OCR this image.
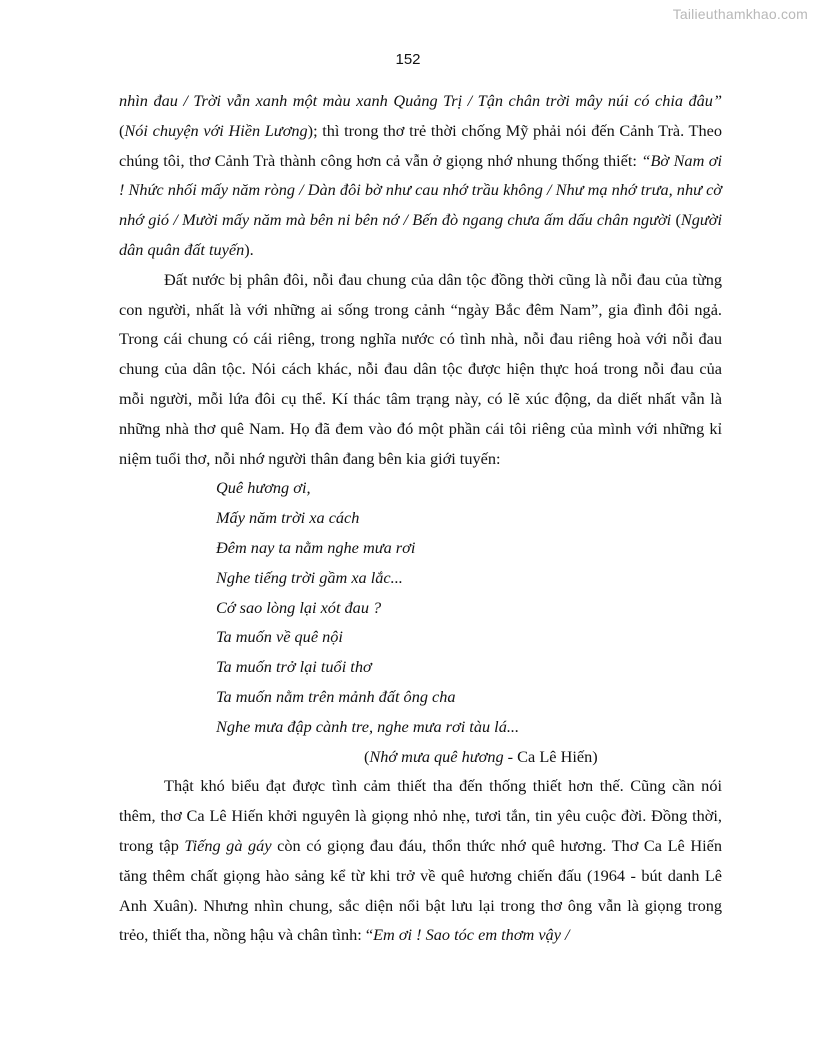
Tailieuthamkhao.com
152

nhìn đau / Trời vẫn xanh một màu xanh Quảng Trị / Tận chân trời mây núi có chia đâu” (Nói chuyện với Hiền Lương); thì trong thơ trẻ thời chống Mỹ phải nói đến Cảnh Trà. Theo chúng tôi, thơ Cảnh Trà thành công hơn cả vẫn ở giọng nhớ nhung thống thiết: “Bờ Nam ơi ! Nhức nhối mấy năm ròng / Dàn đôi bờ như cau nhớ trầu không / Như mạ nhớ trưa, như cờ nhớ gió / Mười mấy năm mà bên ni bên nớ / Bến đò ngang chưa ấm dấu chân người (Người dân quân đất tuyến).

Đất nước bị phân đôi, nỗi đau chung của dân tộc đồng thời cũng là nỗi đau của từng con người, nhất là với những ai sống trong cảnh “ngày Bắc đêm Nam”, gia đình đôi ngả. Trong cái chung có cái riêng, trong nghĩa nước có tình nhà, nỗi đau riêng hoà với nỗi đau chung của dân tộc. Nói cách khác, nỗi đau dân tộc được hiện thực hoá trong nỗi đau của mỗi người, mỗi lứa đôi cụ thể. Kí thác tâm trạng này, có lẽ xúc động, da diết nhất vẫn là những nhà thơ quê Nam. Họ đã đem vào đó một phần cái tôi riêng của mình với những kỉ niệm tuổi thơ, nỗi nhớ người thân đang bên kia giới tuyến:

Quê hương ơi,
Mấy năm trời xa cách
Đêm nay ta nằm nghe mưa rơi
Nghe tiếng trời gầm xa lắc...
Cớ sao lòng lại xót đau ?
Ta muốn về quê nội
Ta muốn trở lại tuổi thơ
Ta muốn nằm trên mảnh đất ông cha
Nghe mưa đập cành tre, nghe mưa rơi tàu lá...
(Nhớ mưa quê hương - Ca Lê Hiến)

Thật khó biểu đạt được tình cảm thiết tha đến thống thiết hơn thế. Cũng cần nói thêm, thơ Ca Lê Hiến khởi nguyên là giọng nhỏ nhẹ, tươi tắn, tin yêu cuộc đời. Đồng thời, trong tập Tiếng gà gáy còn có giọng đau đáu, thổn thức nhớ quê hương. Thơ Ca Lê Hiến tăng thêm chất giọng hào sảng kể từ khi trở về quê hương chiến đấu (1964 - bút danh Lê Anh Xuân). Nhưng nhìn chung, sắc diện nổi bật lưu lại trong thơ ông vẫn là giọng trong trẻo, thiết tha, nồng hậu và chân tình: “Em ơi ! Sao tóc em thơm vậy /
